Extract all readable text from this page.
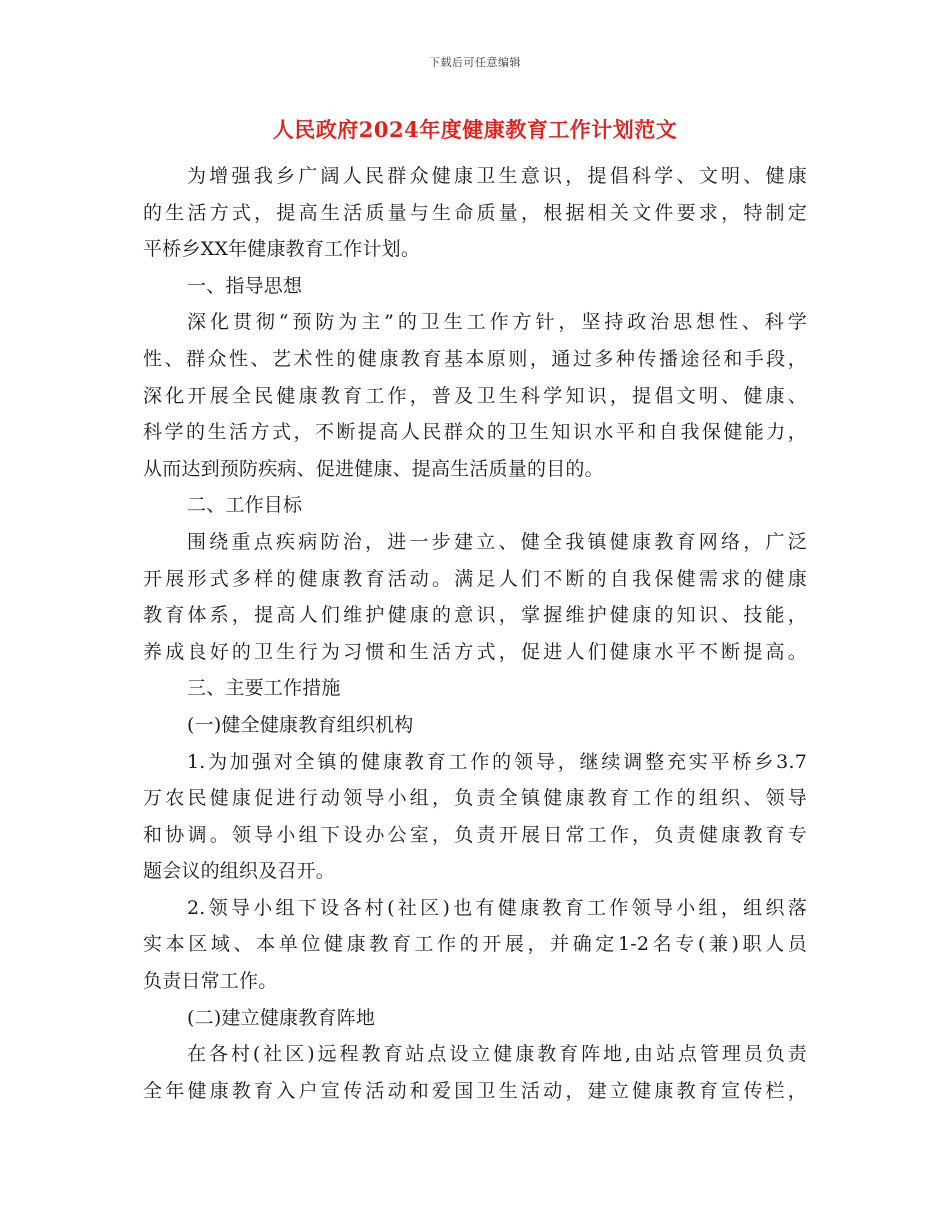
下载后可任意编辑
人民政府2024年度健康教育工作计划范文
为增强我乡广阔人民群众健康卫生意识，提倡科学、文明、健康
的生活方式，提高生活质量与生命质量，根据相关文件要求，特制定
平桥乡XX年健康教育工作计划。
一、指导思想
深化贯彻“预防为主”的卫生工作方针，坚持政治思想性、科学
性、群众性、艺术性的健康教育基本原则，通过多种传播途径和手段，
深化开展全民健康教育工作，普及卫生科学知识，提倡文明、健康、
科学的生活方式，不断提高人民群众的卫生知识水平和自我保健能力，
从而达到预防疾病、促进健康、提高生活质量的目的。
二、工作目标
围绕重点疾病防治，进一步建立、健全我镇健康教育网络，广泛
开展形式多样的健康教育活动。满足人们不断的自我保健需求的健康
教育体系，提高人们维护健康的意识，掌握维护健康的知识、技能，
养成良好的卫生行为习惯和生活方式，促进人们健康水平不断提高。
三、主要工作措施
(一)健全健康教育组织机构
1.为加强对全镇的健康教育工作的领导，继续调整充实平桥乡3.7
万农民健康促进行动领导小组，负责全镇健康教育工作的组织、领导
和协调。领导小组下设办公室，负责开展日常工作，负责健康教育专
题会议的组织及召开。
2.领导小组下设各村(社区)也有健康教育工作领导小组，组织落
实本区域、本单位健康教育工作的开展，并确定1-2名专(兼)职人员
负责日常工作。
(二)建立健康教育阵地
在各村(社区)远程教育站点设立健康教育阵地,由站点管理员负责
全年健康教育入户宣传活动和爱国卫生活动，建立健康教育宣传栏，
